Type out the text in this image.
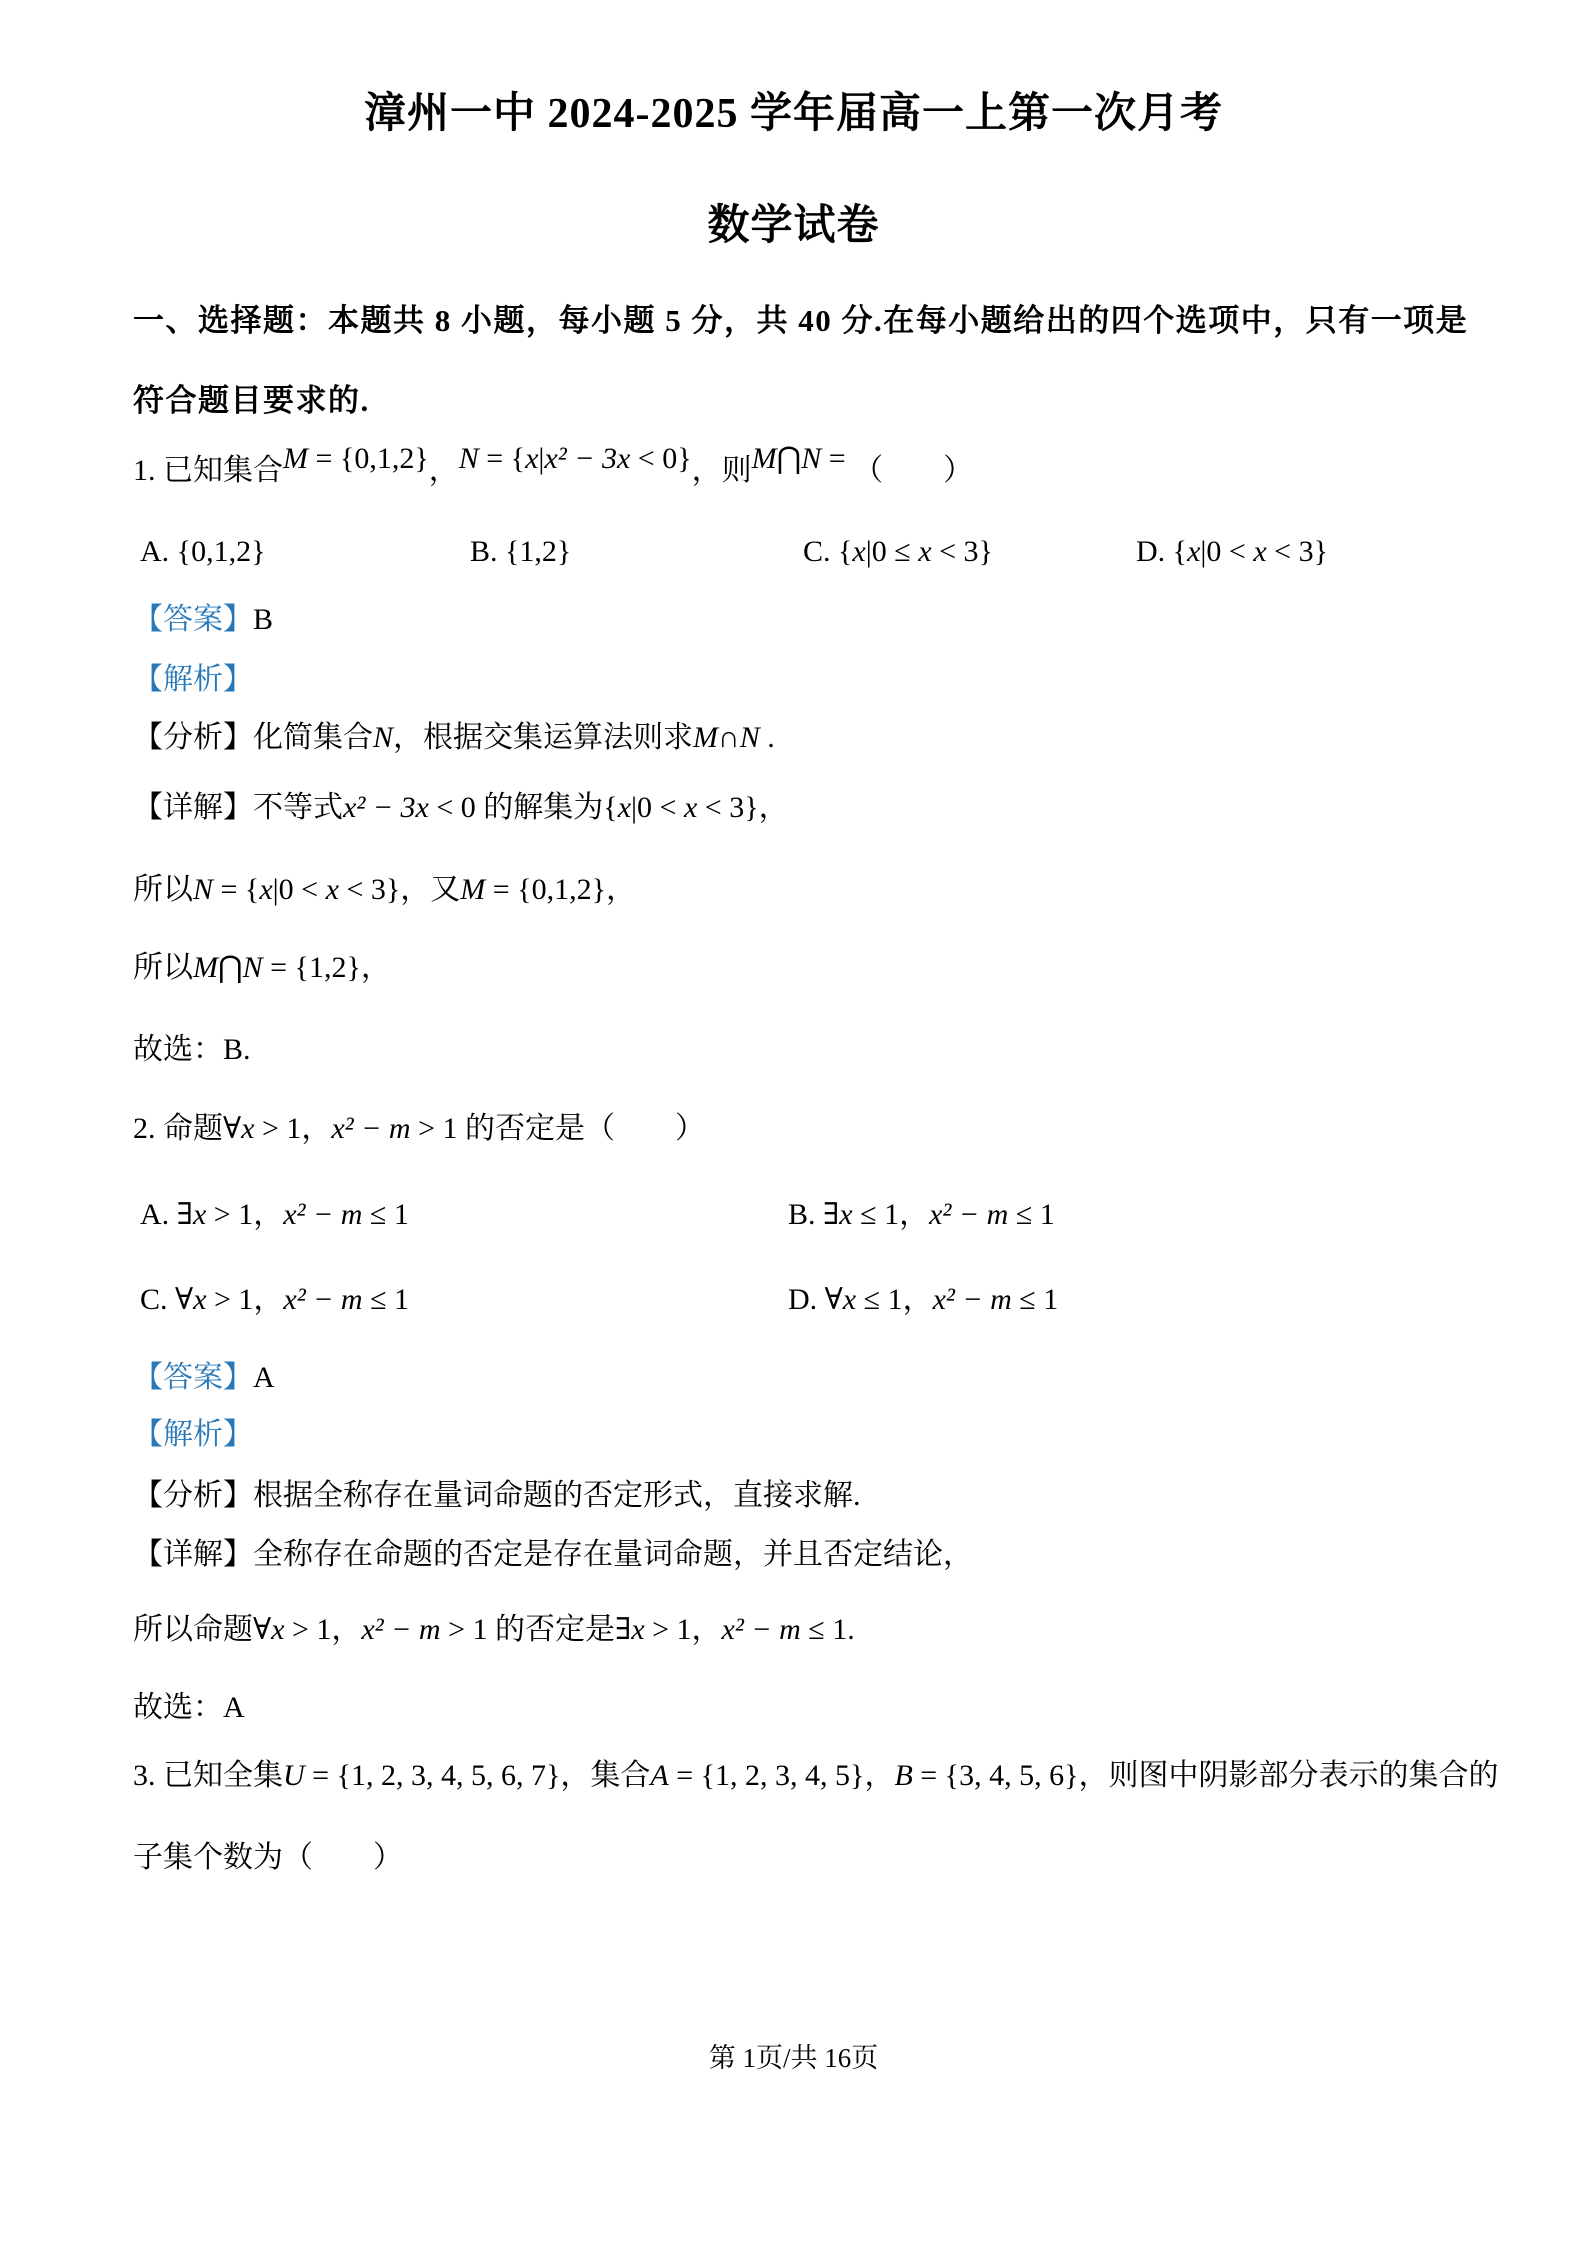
漳州一中 2024-2025 学年届高一上第一次月考
数学试卷
一、选择题：本题共 8 小题，每小题 5 分，共 40 分.在每小题给出的四个选项中，只有一项是
符合题目要求的.
1. 已知集合M = {0,1,2}，N = {x|x² − 3x < 0}，则M⋂N = （　　）

A. {0,1,2}

	B. {1,2}

	C. {x|0 ≤ x < 3}

	D. {x|0 < x < 3}

【答案】B
【解析】
【分析】化简集合N，根据交集运算法则求M∩N .
【详解】不等式x² − 3x < 0 的解集为{x|0 < x < 3}，
所以N = {x|0 < x < 3}，又M = {0,1,2}，
所以M⋂N = {1,2}，
故选：B.
2. 命题∀x > 1，x² − m > 1 的否定是（　　）

A. ∃x > 1，x² − m ≤ 1

	B. ∃x ≤ 1，x² − m ≤ 1

C. ∀x > 1，x² − m ≤ 1

	D. ∀x ≤ 1，x² − m ≤ 1

【答案】A
【解析】
【分析】根据全称存在量词命题的否定形式，直接求解.
【详解】全称存在命题的否定是存在量词命题，并且否定结论，
所以命题∀x > 1，x² − m > 1 的否定是∃x > 1，x² − m ≤ 1.
故选：A
3. 已知全集U = {1, 2, 3, 4, 5, 6, 7}，集合A = {1, 2, 3, 4, 5}，B = {3, 4, 5, 6}，则图中阴影部分表示的集合的
子集个数为（　　）
第 1页/共 16页
